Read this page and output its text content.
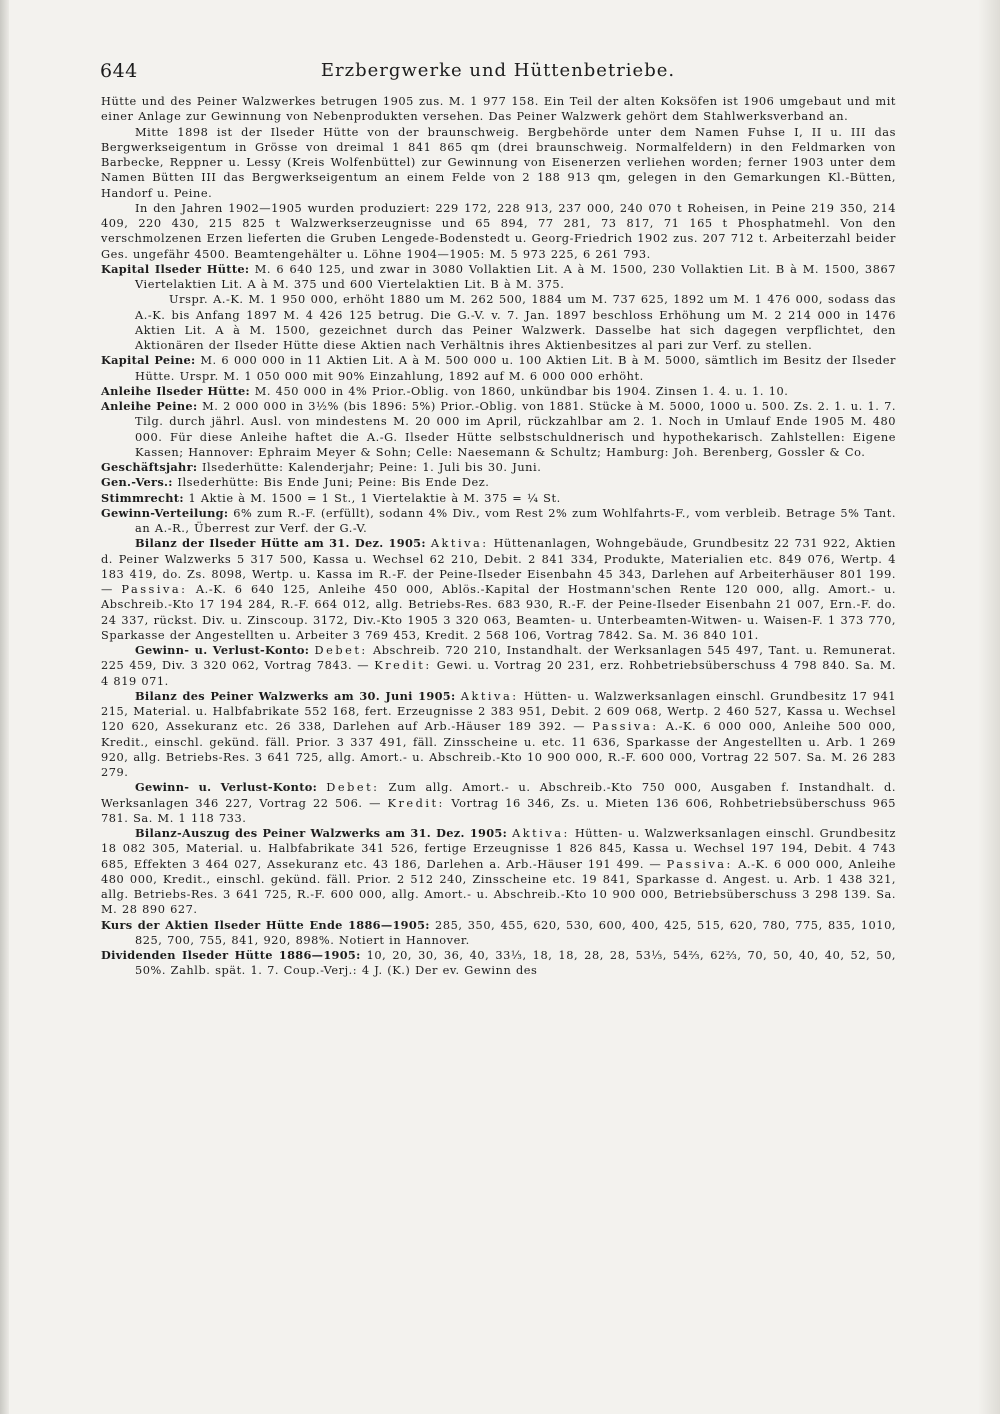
644	Erzbergwerke und Hüttenbetriebe.

Hütte und des Peiner Walzwerkes betrugen 1905 zus. M. 1 977 158. Ein Teil der alten Koksöfen ist 1906 umgebaut und mit einer Anlage zur Gewinnung von Nebenprodukten versehen. Das Peiner Walzwerk gehört dem Stahlwerksverband an.

Mitte 1898 ist der Ilseder Hütte von der braunschweig. Bergbehörde unter dem Namen Fuhse I, II u. III das Bergwerkseigentum in Grösse von dreimal 1 841 865 qm (drei braunschweig. Normalfeldern) in den Feldmarken von Barbecke, Reppner u. Lessy (Kreis Wolfenbüttel) zur Gewinnung von Eisenerzen verliehen worden; ferner 1903 unter dem Namen Bütten III das Bergwerkseigentum an einem Felde von 2 188 913 qm, gelegen in den Gemarkungen Kl.-Bütten, Handorf u. Peine.

In den Jahren 1902—1905 wurden produziert: 229 172, 228 913, 237 000, 240 070 t Roheisen, in Peine 219 350, 214 409, 220 430, 215 825 t Walzwerkserzeugnisse und 65 894, 77 281, 73 817, 71 165 t Phosphatmehl. Von den verschmolzenen Erzen lieferten die Gruben Lengede-Bodenstedt u. Georg-Friedrich 1902 zus. 207 712 t. Arbeiterzahl beider Ges. ungefähr 4500. Beamtengehälter u. Löhne 1904—1905: M. 5 973 225, 6 261 793.

Kapital Ilseder Hütte: M. 6 640 125, und zwar in 3080 Vollaktien Lit. A à M. 1500, 230 Vollaktien Lit. B à M. 1500, 3867 Viertelaktien Lit. A à M. 375 und 600 Viertelaktien Lit. B à M. 375.

Urspr. A.-K. M. 1 950 000, erhöht 1880 um M. 262 500, 1884 um M. 737 625, 1892 um M. 1 476 000, sodass das A.-K. bis Anfang 1897 M. 4 426 125 betrug. Die G.-V. v. 7. Jan. 1897 beschloss Erhöhung um M. 2 214 000 in 1476 Aktien Lit. A à M. 1500, gezeichnet durch das Peiner Walzwerk. Dasselbe hat sich dagegen verpflichtet, den Aktionären der Ilseder Hütte diese Aktien nach Verhältnis ihres Aktienbesitzes al pari zur Verf. zu stellen.

Kapital Peine: M. 6 000 000 in 11 Aktien Lit. A à M. 500 000 u. 100 Aktien Lit. B à M. 5000, sämtlich im Besitz der Ilseder Hütte. Urspr. M. 1 050 000 mit 90% Einzahlung, 1892 auf M. 6 000 000 erhöht.

Anleihe Ilseder Hütte: M. 450 000 in 4% Prior.-Oblig. von 1860, unkündbar bis 1904. Zinsen 1. 4. u. 1. 10.

Anleihe Peine: M. 2 000 000 in 3½% (bis 1896: 5%) Prior.-Oblig. von 1881. Stücke à M. 5000, 1000 u. 500. Zs. 2. 1. u. 1. 7. Tilg. durch jährl. Ausl. von mindestens M. 20 000 im April, rückzahlbar am 2. 1. Noch in Umlauf Ende 1905 M. 480 000. Für diese Anleihe haftet die A.-G. Ilseder Hütte selbstschuldnerisch und hypothekarisch. Zahlstellen: Eigene Kassen; Hannover: Ephraim Meyer & Sohn; Celle: Naesemann & Schultz; Hamburg: Joh. Berenberg, Gossler & Co.

Geschäftsjahr: Ilsederhütte: Kalenderjahr; Peine: 1. Juli bis 30. Juni.

Gen.-Vers.: Ilsederhütte: Bis Ende Juni; Peine: Bis Ende Dez.

Stimmrecht: 1 Aktie à M. 1500 = 1 St., 1 Viertelaktie à M. 375 = ¼ St.

Gewinn-Verteilung: 6% zum R.-F. (erfüllt), sodann 4% Div., vom Rest 2% zum Wohlfahrts-F., vom verbleib. Betrage 5% Tant. an A.-R., Überrest zur Verf. der G.-V.

Bilanz der Ilseder Hütte am 31. Dez. 1905: Aktiva: Hüttenanlagen, Wohngebäude, Grundbesitz 22 731 922, Aktien d. Peiner Walzwerks 5 317 500, Kassa u. Wechsel 62 210, Debit. 2 841 334, Produkte, Materialien etc. 849 076, Wertp. 4 183 419, do. Zs. 8098, Wertp. u. Kassa im R.-F. der Peine-Ilseder Eisenbahn 45 343, Darlehen auf Arbeiterhäuser 801 199. — Passiva: A.-K. 6 640 125, Anleihe 450 000, Ablös.-Kapital der Hostmann'schen Rente 120 000, allg. Amort.- u. Abschreib.-Kto 17 194 284, R.-F. 664 012, allg. Betriebs-Res. 683 930, R.-F. der Peine-Ilseder Eisenbahn 21 007, Ern.-F. do. 24 337, rückst. Div. u. Zinscoup. 3172, Div.-Kto 1905 3 320 063, Beamten- u. Unterbeamten-Witwen- u. Waisen-F. 1 373 770, Sparkasse der Angestellten u. Arbeiter 3 769 453, Kredit. 2 568 106, Vortrag 7842. Sa. M. 36 840 101.

Gewinn- u. Verlust-Konto: Debet: Abschreib. 720 210, Instandhalt. der Werksanlagen 545 497, Tant. u. Remunerat. 225 459, Div. 3 320 062, Vortrag 7843. — Kredit: Gewi. u. Vortrag 20 231, erz. Rohbetriebsüberschuss 4 798 840. Sa. M. 4 819 071.

Bilanz des Peiner Walzwerks am 30. Juni 1905: Aktiva: Hütten- u. Walzwerksanlagen einschl. Grundbesitz 17 941 215, Material. u. Halbfabrikate 552 168, fert. Erzeugnisse 2 383 951, Debit. 2 609 068, Wertp. 2 460 527, Kassa u. Wechsel 120 620, Assekuranz etc. 26 338, Darlehen auf Arb.-Häuser 189 392. — Passiva: A.-K. 6 000 000, Anleihe 500 000, Kredit., einschl. gekünd. fäll. Prior. 3 337 491, fäll. Zinsscheine u. etc. 11 636, Sparkasse der Angestellten u. Arb. 1 269 920, allg. Betriebs-Res. 3 641 725, allg. Amort.- u. Abschreib.-Kto 10 900 000, R.-F. 600 000, Vortrag 22 507. Sa. M. 26 283 279.

Gewinn- u. Verlust-Konto: Debet: Zum allg. Amort.- u. Abschreib.-Kto 750 000, Ausgaben f. Instandhalt. d. Werksanlagen 346 227, Vortrag 22 506. — Kredit: Vortrag 16 346, Zs. u. Mieten 136 606, Rohbetriebsüberschuss 965 781. Sa. M. 1 118 733.

Bilanz-Auszug des Peiner Walzwerks am 31. Dez. 1905: Aktiva: Hütten- u. Walzwerksanlagen einschl. Grundbesitz 18 082 305, Material. u. Halbfabrikate 341 526, fertige Erzeugnisse 1 826 845, Kassa u. Wechsel 197 194, Debit. 4 743 685, Effekten 3 464 027, Assekuranz etc. 43 186, Darlehen a. Arb.-Häuser 191 499. — Passiva: A.-K. 6 000 000, Anleihe 480 000, Kredit., einschl. gekünd. fäll. Prior. 2 512 240, Zinsscheine etc. 19 841, Sparkasse d. Angest. u. Arb. 1 438 321, allg. Betriebs-Res. 3 641 725, R.-F. 600 000, allg. Amort.- u. Abschreib.-Kto 10 900 000, Betriebsüberschuss 3 298 139. Sa. M. 28 890 627.

Kurs der Aktien Ilseder Hütte Ende 1886—1905: 285, 350, 455, 620, 530, 600, 400, 425, 515, 620, 780, 775, 835, 1010, 825, 700, 755, 841, 920, 898%. Notiert in Hannover.

Dividenden Ilseder Hütte 1886—1905: 10, 20, 30, 36, 40, 33⅓, 18, 18, 28, 28, 53⅓, 54⅔, 62⅔, 70, 50, 40, 40, 52, 50, 50%. Zahlb. spät. 1. 7. Coup.-Verj.: 4 J. (K.) Der ev. Gewinn des
